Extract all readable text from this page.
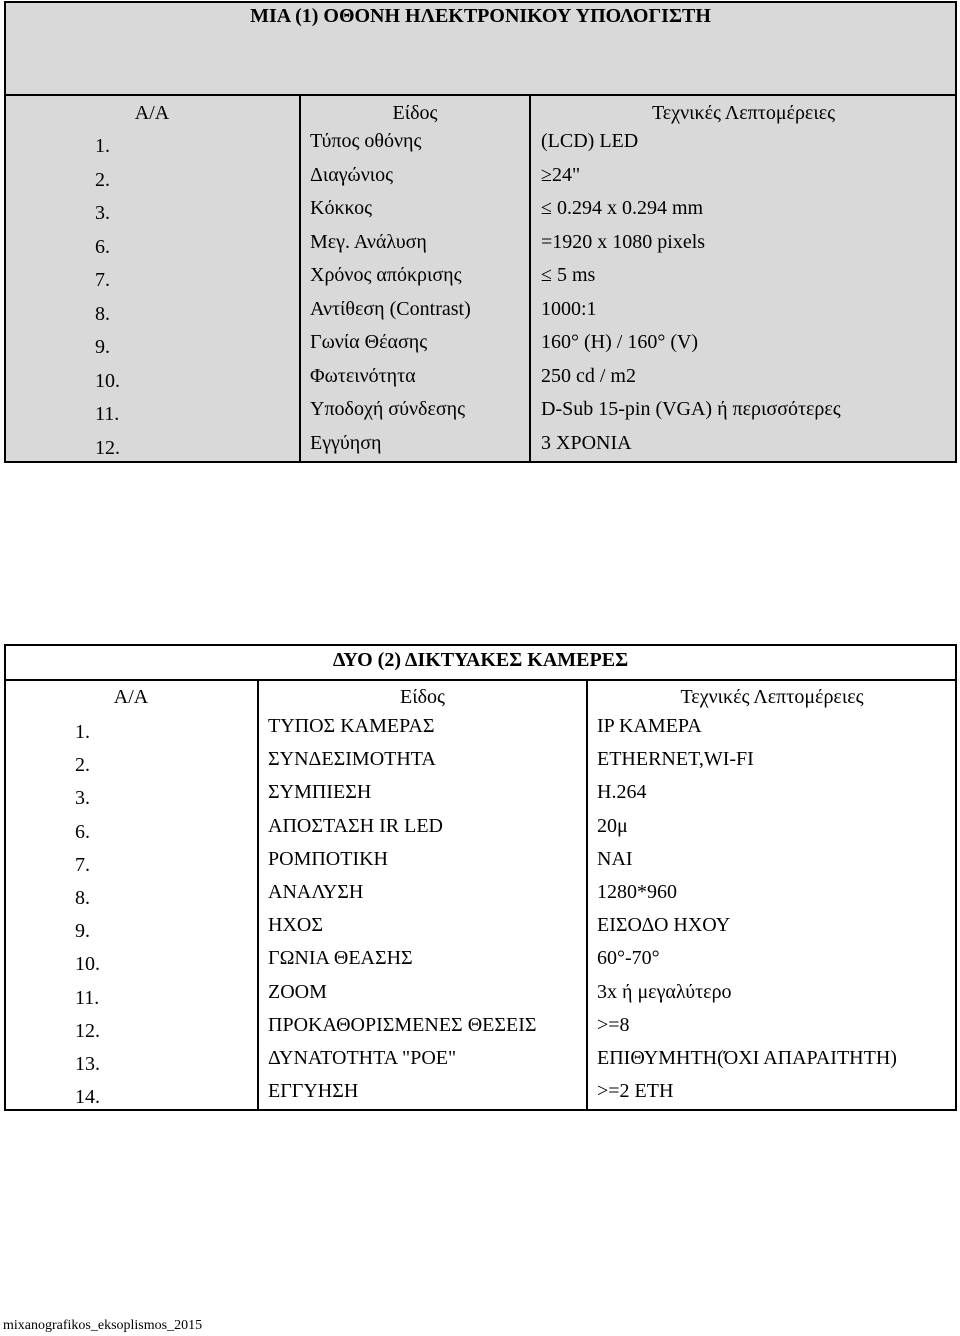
ΜΙΑ (1) ΟΘΟΝΗ ΗΛΕΚΤΡΟΝΙΚΟΥ ΥΠΟΛΟΓΙΣΤΗ
Α/Α	Είδος	Τεχνικές Λεπτομέρειες
1.	Τύπος οθόνης	(LCD) LED
2.	Διαγώνιος	≥24"
3.	Κόκκος	≤ 0.294 x 0.294 mm
6.	Μεγ. Ανάλυση	=1920 x 1080 pixels
7.	Χρόνος απόκρισης	≤ 5 ms
8.	Αντίθεση (Contrast)	1000:1
9.	Γωνία Θέασης	160° (H) / 160° (V)
10.	Φωτεινότητα	250 cd / m2
11.	Υποδοχή σύνδεσης	D-Sub 15-pin (VGA) ή περισσότερες
12.	Εγγύηση	3 ΧΡΟΝΙΑ
ΔΥΟ (2) ΔΙΚΤΥΑΚΕΣ ΚΑΜΕΡΕΣ
Α/Α	Είδος	Τεχνικές Λεπτομέρειες
1.	ΤΥΠΟΣ ΚΑΜΕΡΑΣ	IP ΚΑΜΕΡΑ
2.	ΣΥΝΔΕΣΙΜΟΤΗΤΑ	ETHERNET,WI-FI
3.	ΣΥΜΠΙΕΣΗ	H.264
6.	ΑΠΟΣΤΑΣΗ IR LED	20μ
7.	ΡΟΜΠΟΤΙΚΗ	ΝΑΙ
8.	ΑΝΑΛΥΣΗ	1280*960
9.	ΗΧΟΣ	ΕΙΣΟΔΟ ΗΧΟΥ
10.	ΓΩΝΙΑ ΘΕΑΣΗΣ	60°-70°
11.	ZOOM	3x ή μεγαλύτερο
12.	ΠΡΟΚΑΘΟΡΙΣΜΕΝΕΣ ΘΕΣΕΙΣ	>=8
13.	ΔΥΝΑΤΟΤΗΤΑ "ΡΟΕ"	ΕΠΙΘΥΜΗΤΗ(ΌΧΙ ΑΠΑΡΑΙΤΗΤΗ)
14.	ΕΓΓΥΗΣΗ	>=2 ΕΤΗ
mixanografikos_eksoplismos_2015
